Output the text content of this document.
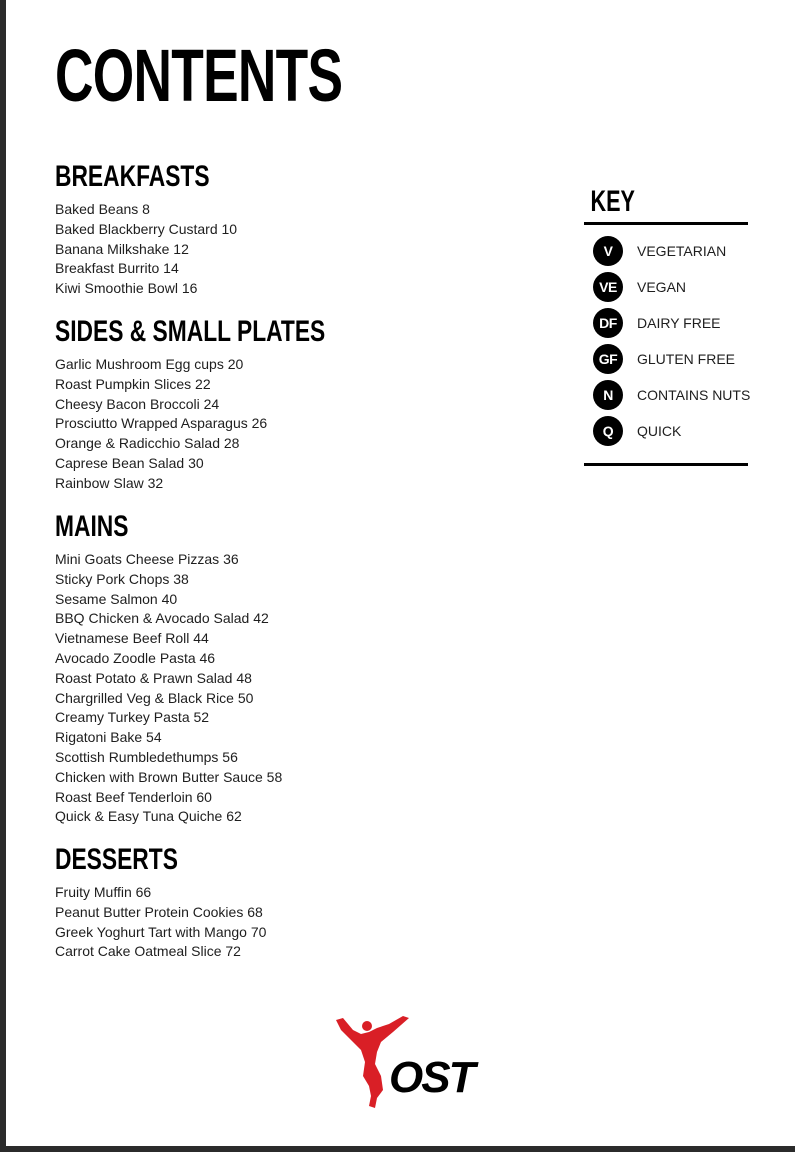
CONTENTS
BREAKFASTS
Baked Beans 8
Baked Blackberry Custard 10
Banana Milkshake 12
Breakfast Burrito 14
Kiwi Smoothie Bowl 16
SIDES & SMALL PLATES
Garlic Mushroom Egg cups 20
Roast Pumpkin Slices 22
Cheesy Bacon Broccoli 24
Prosciutto Wrapped Asparagus 26
Orange & Radicchio Salad 28
Caprese Bean Salad 30
Rainbow Slaw 32
MAINS
Mini Goats Cheese Pizzas 36
Sticky Pork Chops 38
Sesame Salmon 40
BBQ Chicken & Avocado Salad 42
Vietnamese Beef Roll 44
Avocado Zoodle Pasta 46
Roast Potato & Prawn Salad 48
Chargrilled Veg & Black Rice 50
Creamy Turkey Pasta 52
Rigatoni Bake 54
Scottish Rumbledethumps 56
Chicken with Brown Butter Sauce 58
Roast Beef Tenderloin 60
Quick & Easy Tuna Quiche 62
DESSERTS
Fruity Muffin 66
Peanut Butter Protein Cookies 68
Greek Yoghurt Tart with Mango 70
Carrot Cake Oatmeal Slice 72
KEY
V	VEGETARIAN
VE	VEGAN
DF	DAIRY FREE
GF	GLUTEN FREE
N	CONTAINS NUTS
Q	QUICK
OST
